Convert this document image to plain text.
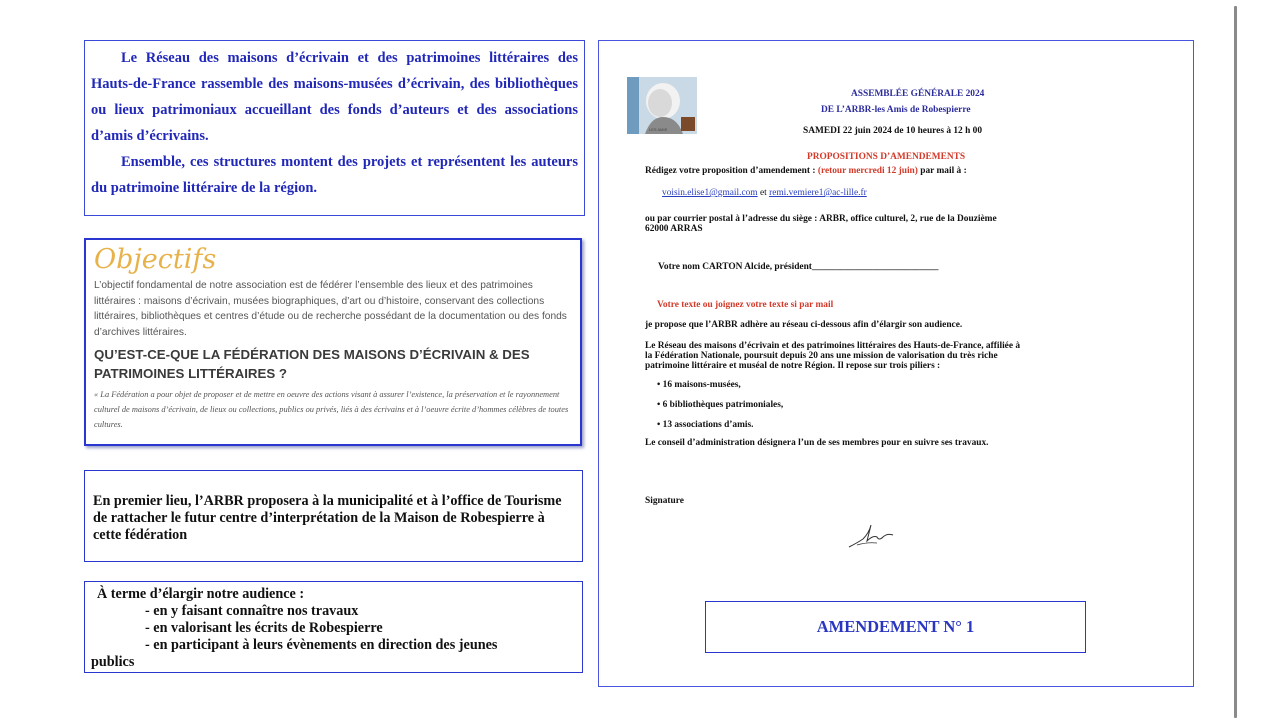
Le Réseau des maisons d’écrivain et des patrimoines littéraires des Hauts-de-France rassemble des maisons-musées d’écrivain, des bibliothèques ou lieux patrimoniaux accueillant des fonds d’auteurs et des associations d’amis d’écrivains.

Ensemble, ces structures montent des projets et représentent les auteurs du patrimoine littéraire de la région.

Objectifs

L’objectif fondamental de notre association est de fédérer l’ensemble des lieux et des patrimoines littéraires : maisons d’écrivain, musées biographiques, d’art ou d’histoire, conservant des collections littéraires, bibliothèques et centres d’étude ou de recherche possédant de la documentation ou des fonds d’archives littéraires.

QU’EST-CE-QUE LA FÉDÉRATION DES MAISONS D’ÉCRIVAIN & DES PATRIMOINES LITTÉRAIRES ?

« La Fédération a pour objet de proposer et de mettre en oeuvre des actions visant à assurer l’existence, la préservation et le rayonnement culturel de maisons d’écrivain, de lieux ou collections, publics ou privés, liés à des écrivains et à l’oeuvre écrite d’hommes célèbres de toutes cultures.

En premier lieu, l’ARBR proposera à la municipalité et à l’office de Tourisme de rattacher le futur centre d’interprétation de la Maison de Robespierre à cette fédération

À terme d’élargir notre audience :
- en y faisant connaître nos travaux
- en valorisant les écrits de Robespierre
- en participant à leurs évènements en direction des jeunes
publics
LES AMIS

ASSEMBLÉE GÉNÉRALE 2024

DE L’ARBR-les Amis de Robespierre

SAMEDI 22 juin 2024 de 10 heures à 12 h 00

PROPOSITIONS D’AMENDEMENTS

Rédigez votre proposition d’amendement : (retour mercredi 12 juin) par mail à :

voisin.elise1@gmail.com et remi.vemiere1@ac-lille.fr

ou par courrier postal à l’adresse du siège : ARBR, office culturel, 2, rue de la Douzième

62000 ARRAS

Votre nom CARTON Alcide, président___________________________

Votre texte ou joignez votre texte si par mail

je propose que l’ARBR adhère au réseau ci-dessous afin d’élargir son audience.

Le Réseau des maisons d’écrivain et des patrimoines littéraires des Hauts-de-France, affiliée à

la Fédération Nationale, poursuit depuis 20 ans une mission de valorisation du très riche

patrimoine littéraire et muséal de notre Région. Il repose sur trois piliers :

• 16 maisons-musées,

• 6 bibliothèques patrimoniales,

• 13 associations d’amis.

Le conseil d’administration désignera l’un de ses membres pour en suivre ses travaux.

Signature

AMENDEMENT N° 1
